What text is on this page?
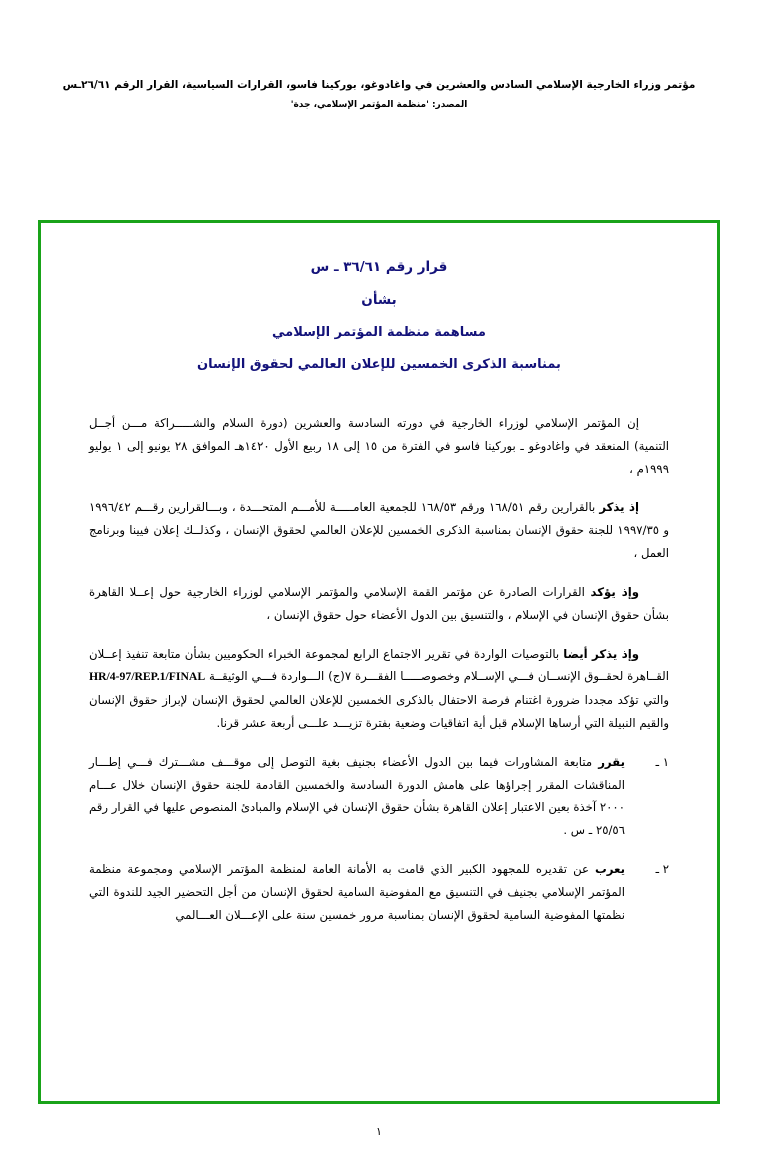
مؤتمر وزراء الخارجية الإسلامي السادس والعشرين في واغادوغو، بوركينا فاسو، القرارات السياسية، القرار الرقم ٢٦/٦١ـس
المصدر: 'منظمة المؤتمر الإسلامي، جدة'
قرار رقم ٣٦/٦١ ـ س
بشأن
مساهمة منظمة المؤتمر الإسلامي
بمناسبة الذكرى الخمسين للإعلان العالمي لحقوق الإنسان

إن المؤتمر الإسلامي لوزراء الخارجية في دورته السادسة والعشرين (دورة السلام والشـــــراكة مـــن أجــل التنمية) المنعقد في واغادوغو ـ بوركينا فاسو في الفترة من ١٥ إلى ١٨ ربيع الأول ١٤٢٠هـ الموافق ٢٨ يونيو إلى ١ يوليو ١٩٩٩م ،

إذ يذكر بالقرارين رقم ١٦٨/٥١ ورقم ١٦٨/٥٣ للجمعية العامـــــة للأمـــم المتحـــدة ، وبـــالقرارين رقـــم ١٩٩٦/٤٢ و ١٩٩٧/٣٥ للجنة حقوق الإنسان بمناسبة الذكرى الخمسين للإعلان العالمي لحقوق الإنسان ، وكذلــك إعلان فيينا وبرنامج العمل ،

وإذ يؤكد القرارات الصادرة عن مؤتمر القمة الإسلامي والمؤتمر الإسلامي لوزراء الخارجية حول إعــلا القاهرة بشأن حقوق الإنسان في الإسلام ، والتنسيق بين الدول الأعضاء حول حقوق الإنسان ،

وإذ يذكر أيضا بالتوصيات الواردة في تقرير الاجتماع الرابع لمجموعة الخبراء الحكوميين بشأن متابعة تنفيذ إعــلان القــاهرة لحقــوق الإنســان فـــي الإســلام وخصوصـــــا الفقـــرة ٧(ج) الـــواردة فـــي الوثيقــة HR/4-97/REP.1/FINAL والتي تؤكد مجددا ضرورة اغتنام فرصة الاحتفال بالذكرى الخمسين للإعلان العالمي لحقوق الإنسان لإبراز حقوق الإنسان والقيم النبيلة التي أرساها الإسلام قبل أية اتفاقيات وضعية بفترة تزيـــد علـــى أربعة عشر قرنا.

١ ـ
يقرر متابعة المشاورات فيما بين الدول الأعضاء بجنيف بغية التوصل إلى موقـــف مشـــترك فـــي إطـــار المناقشات المقرر إجراؤها على هامش الدورة السادسة والخمسين القادمة للجنة حقوق الإنسان خلال عـــام ٢٠٠٠ آخذة بعين الاعتبار إعلان القاهرة بشأن حقوق الإنسان في الإسلام والمبادئ المنصوص عليها في القرار رقم ٢٥/٥٦ ـ س .
٢ ـ
يعرب عن تقديره للمجهود الكبير الذي قامت به الأمانة العامة لمنظمة المؤتمر الإسلامي ومجموعة منظمة المؤتمر الإسلامي بجنيف في التنسيق مع المفوضية السامية لحقوق الإنسان من أجل التحضير الجيد للندوة التي نظمتها المفوضية السامية لحقوق الإنسان بمناسبة مرور خمسين سنة على الإعـــلان العـــالمي
١
